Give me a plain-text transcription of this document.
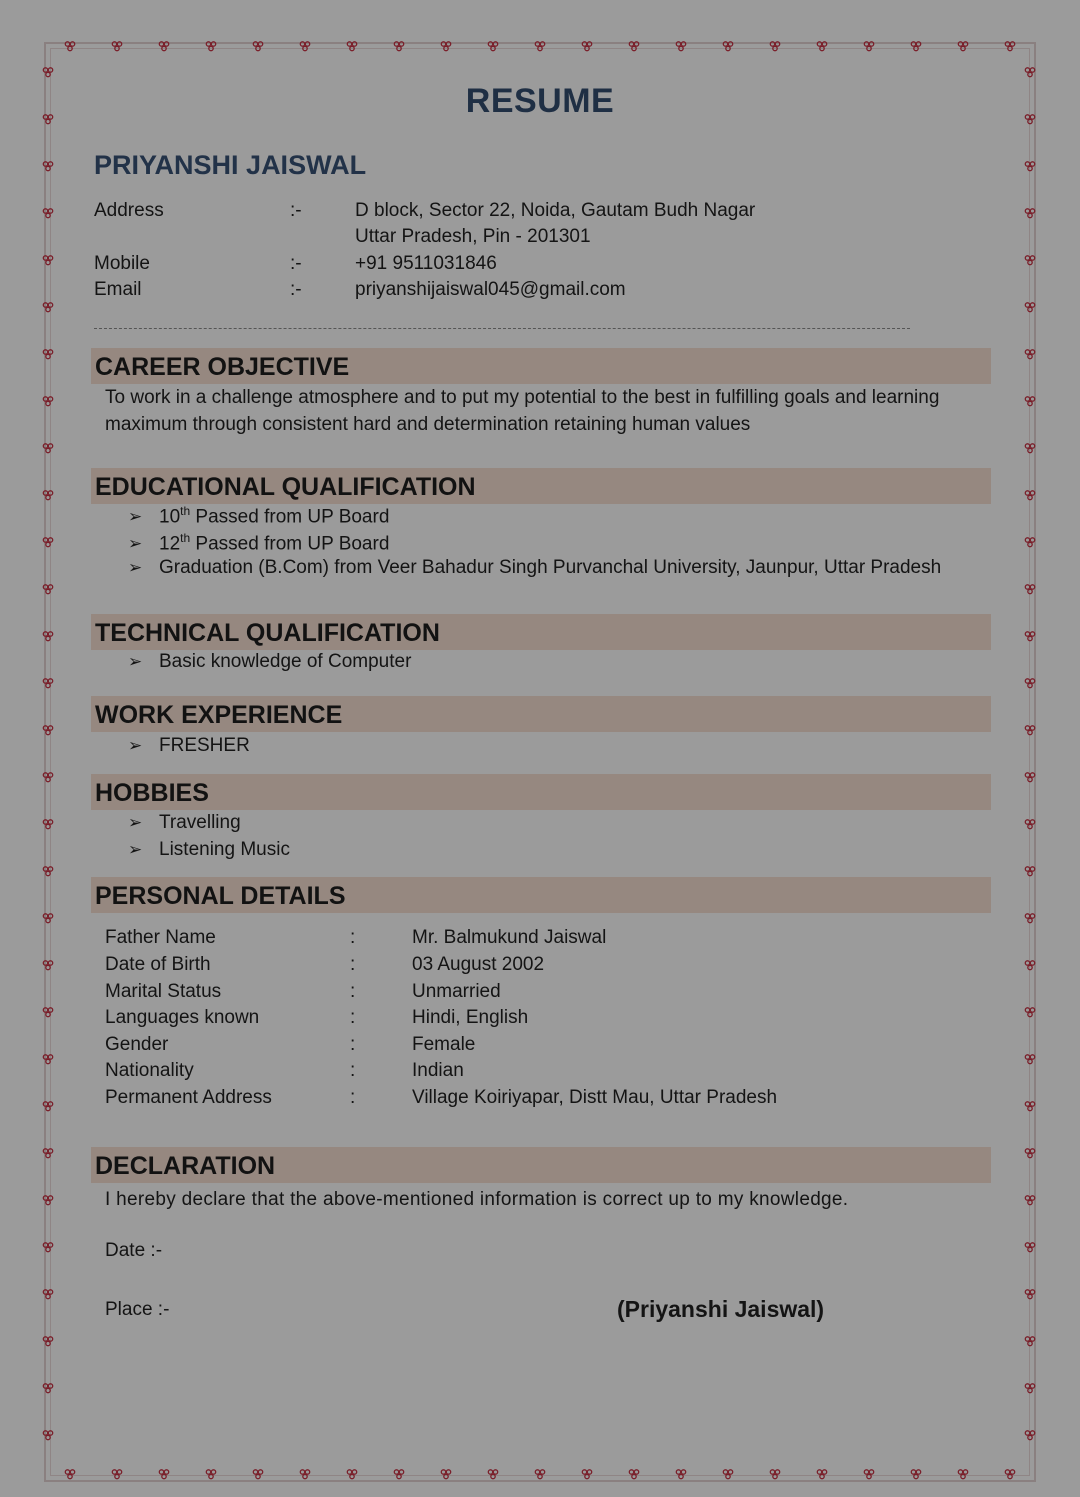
RESUME
PRIYANSHI JAISWAL
Address	:-	D block, Sector 22, Noida, Gautam Budh Nagar
Uttar Pradesh, Pin - 201301
Mobile	:-	+91 9511031846
Email	:-	priyanshijaiswal045@gmail.com
CAREER OBJECTIVE
To work in a challenge atmosphere and to put my potential to the best in fulfilling goals and learning maximum through consistent hard and determination retaining human values
EDUCATIONAL QUALIFICATION
➢ 10th Passed from UP Board
➢ 12th Passed from UP Board
➢ Graduation (B.Com) from Veer Bahadur Singh Purvanchal University, Jaunpur, Uttar Pradesh
TECHNICAL QUALIFICATION
➢ Basic knowledge of Computer
WORK EXPERIENCE
➢ FRESHER
HOBBIES
➢ Travelling
➢ Listening Music
PERSONAL DETAILS
Father Name	:	Mr. Balmukund Jaiswal
Date of Birth	:	03 August 2002
Marital Status	:	Unmarried
Languages known	:	Hindi, English
Gender	:	Female
Nationality	:	Indian
Permanent Address	:	Village Koiriyapar, Distt Mau, Uttar Pradesh
DECLARATION
I hereby declare that the above-mentioned information is correct up to my knowledge.
Date :-
Place :-	(Priyanshi Jaiswal)
